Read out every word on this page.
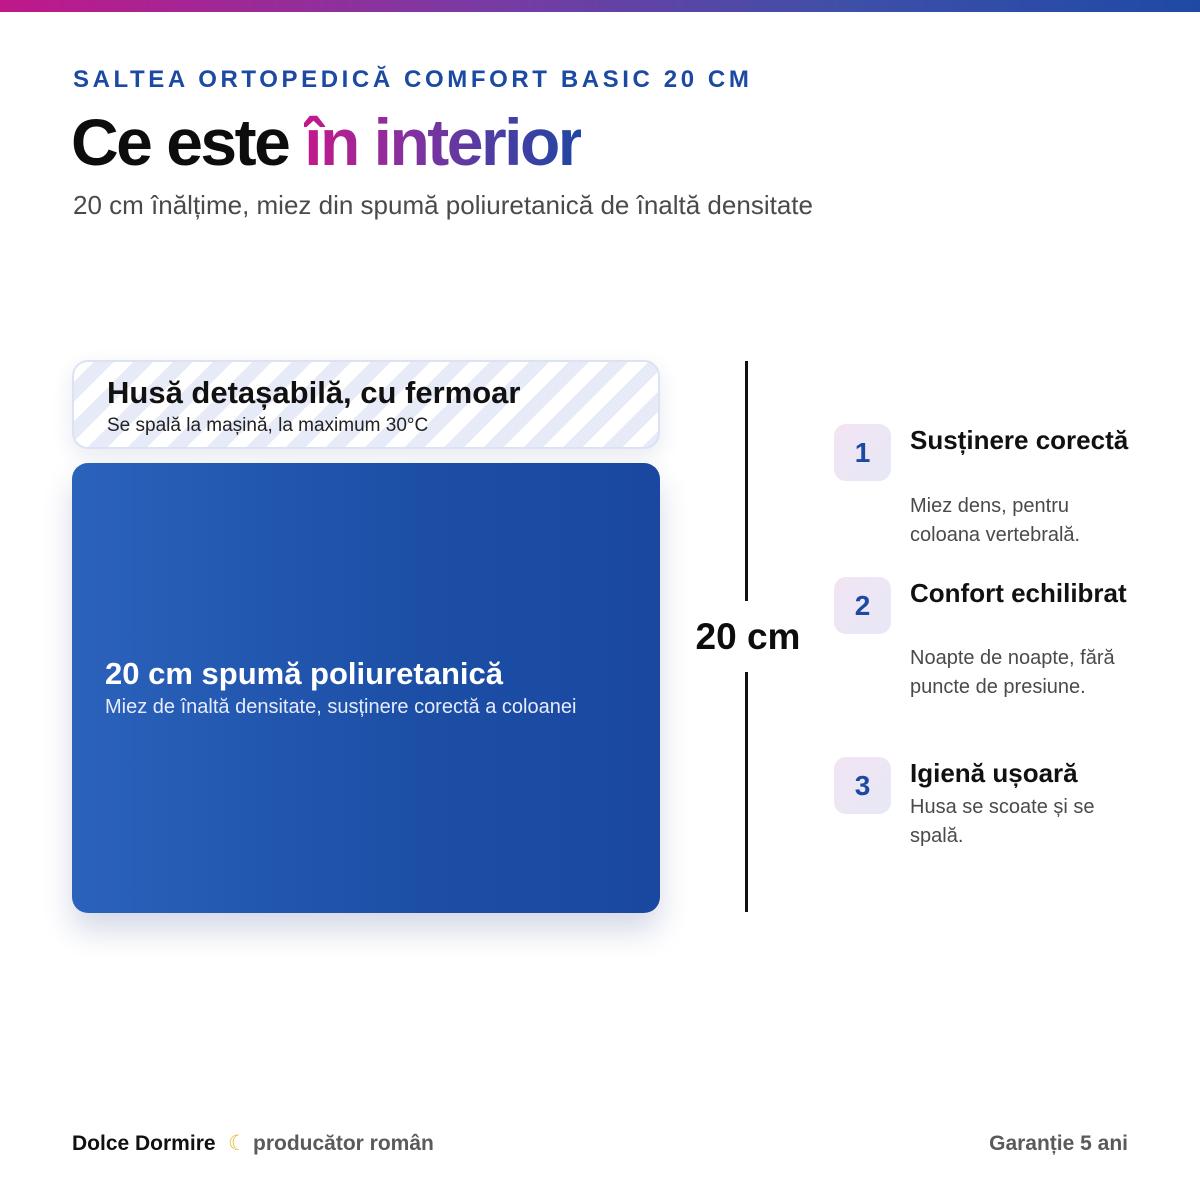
SALTEA ORTOPEDICĂ COMFORT BASIC 20 CM
Ce este în interior
20 cm înălțime, miez din spumă poliuretanică de înaltă densitate
Husă detașabilă, cu fermoar
Se spală la mașină, la maximum 30°C
20 cm spumă poliuretanică
Miez de înaltă densitate, susținere corectă a coloanei
20 cm
1	Susținere corectă
Miez dens, pentru coloana vertebrală.
2	Confort echilibrat
Noapte de noapte, fără puncte de presiune.
3	Igienă ușoară
Husa se scoate și se spală.
Dolce Dormire ☾ producător român	Garanție 5 ani
